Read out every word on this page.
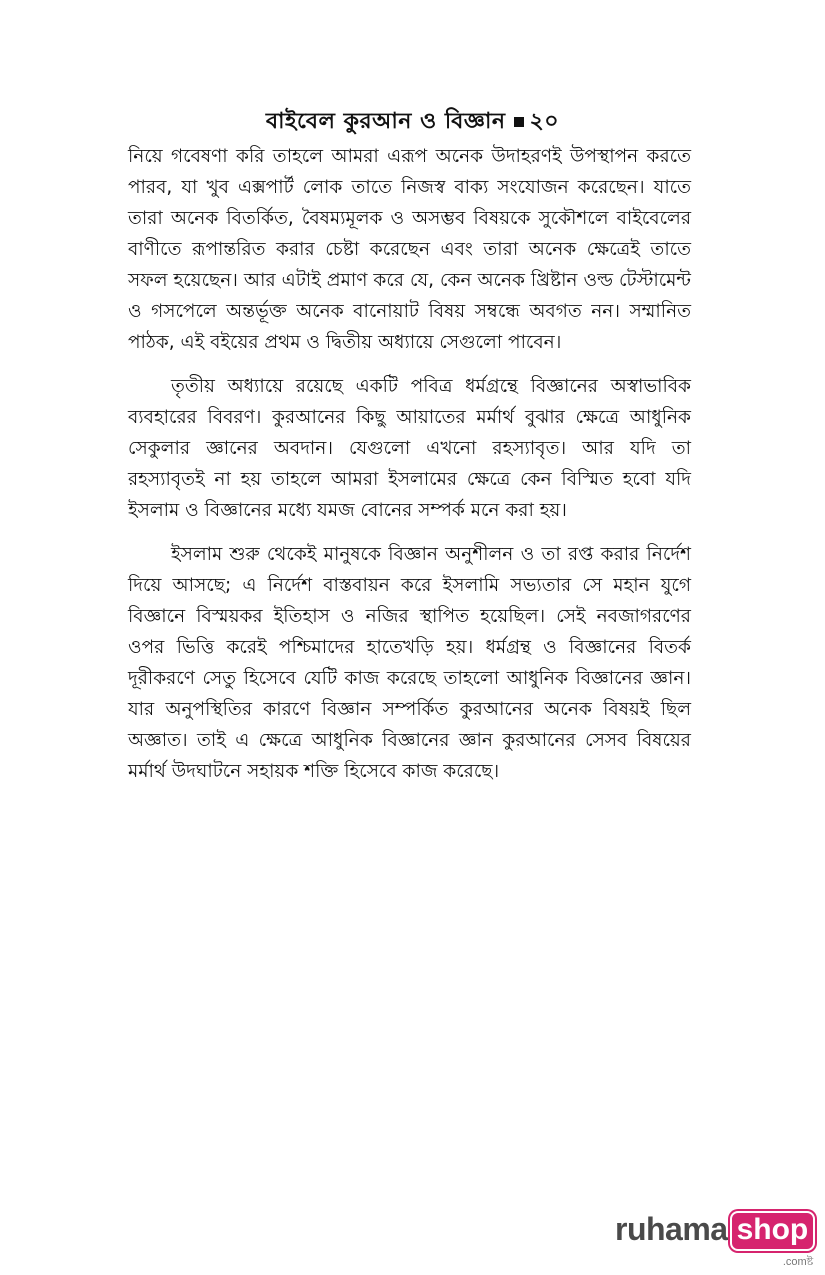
বাইবেল কুরআন ও বিজ্ঞান ২০

নিয়ে গবেষণা করি তাহলে আমরা এরূপ অনেক উদাহরণই উপস্থাপন করতে পারব, যা খুব এক্সপার্ট লোক তাতে নিজস্ব বাক্য সংযোজন করেছেন। যাতে তারা অনেক বিতর্কিত, বৈষম্যমূলক ও অসম্ভব বিষয়কে সুকৌশলে বাইবেলের বাণীতে রূপান্তরিত করার চেষ্টা করেছেন এবং তারা অনেক ক্ষেত্রেই তাতে সফল হয়েছেন। আর এটাই প্রমাণ করে যে, কেন অনেক খ্রিষ্টান ওল্ড টেস্টামেন্ট ও গসপেলে অন্তর্ভূক্ত অনেক বানোয়াট বিষয় সম্বন্ধে অবগত নন। সম্মানিত পাঠক, এই বইয়ের প্রথম ও দ্বিতীয় অধ্যায়ে সেগুলো পাবেন।

তৃতীয় অধ্যায়ে রয়েছে একটি পবিত্র ধর্মগ্রন্থে বিজ্ঞানের অস্বাভাবিক ব্যবহারের বিবরণ। কুরআনের কিছু আয়াতের মর্মার্থ বুঝার ক্ষেত্রে আধুনিক সেকুলার জ্ঞানের অবদান। যেগুলো এখনো রহস্যাবৃত। আর যদি তা রহস্যাবৃতই না হয় তাহলে আমরা ইসলামের ক্ষেত্রে কেন বিস্মিত হবো যদি ইসলাম ও বিজ্ঞানের মধ্যে যমজ বোনের সম্পর্ক মনে করা হয়।

ইসলাম শুরু থেকেই মানুষকে বিজ্ঞান অনুশীলন ও তা রপ্ত করার নির্দেশ দিয়ে আসছে; এ নির্দেশ বাস্তবায়ন করে ইসলামি সভ্যতার সে মহান যুগে বিজ্ঞানে বিস্ময়কর ইতিহাস ও নজির স্থাপিত হয়েছিল। সেই নবজাগরণের ওপর ভিত্তি করেই পশ্চিমাদের হাতেখড়ি হয়। ধর্মগ্রন্থ ও বিজ্ঞানের বিতর্ক দূরীকরণে সেতু হিসেবে যেটি কাজ করেছে তাহলো আধুনিক বিজ্ঞানের জ্ঞান। যার অনুপস্থিতির কারণে বিজ্ঞান সম্পর্কিত কুরআনের অনেক বিষয়ই ছিল অজ্ঞাত। তাই এ ক্ষেত্রে আধুনিক বিজ্ঞানের জ্ঞান কুরআনের সেসব বিষয়ের মর্মার্থ উদঘাটনে সহায়ক শক্তি হিসেবে কাজ করেছে।

ruhama shop
.comষ্ট
